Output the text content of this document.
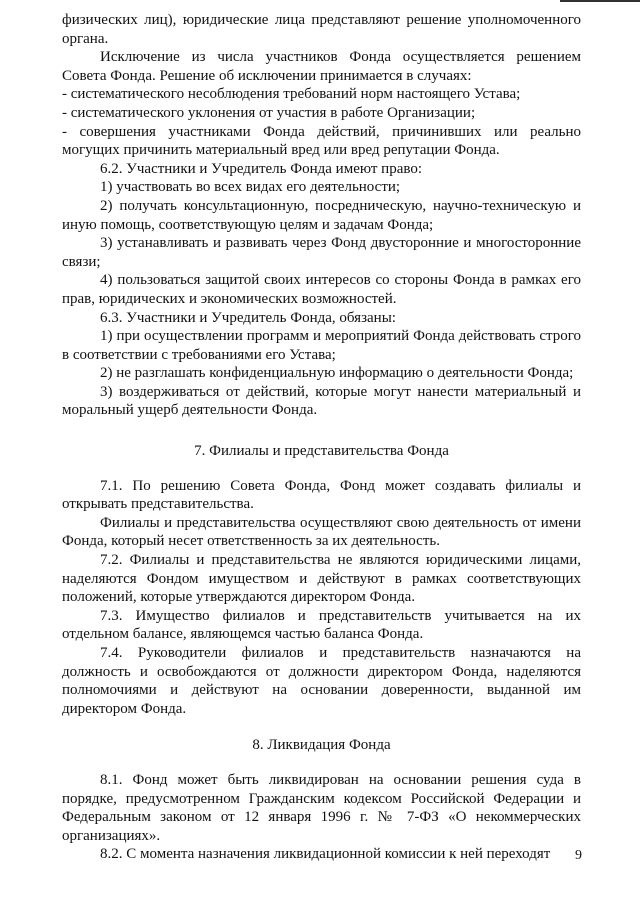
физических лиц), юридические лица представляют решение уполномоченного органа.

Исключение из числа участников Фонда осуществляется решением Совета Фонда. Решение об исключении принимается в случаях:

- систематического несоблюдения требований норм настоящего Устава;

- систематического уклонения от участия в работе Организации;

- совершения участниками Фонда действий, причинивших или реально могущих причинить материальный вред или вред репутации Фонда.

6.2. Участники и Учредитель Фонда имеют право:

1) участвовать во всех видах его деятельности;

2) получать консультационную, посредническую, научно-техническую и иную помощь, соответствующую целям и задачам Фонда;

3) устанавливать и развивать через Фонд двусторонние и многосторонние связи;

4) пользоваться защитой своих интересов со стороны Фонда в рамках его прав, юридических и экономических возможностей.

6.3. Участники и Учредитель Фонда, обязаны:

1) при осуществлении программ и мероприятий Фонда действовать строго в соответствии с требованиями его Устава;

2) не разглашать конфиденциальную информацию о деятельности Фонда;

3) воздерживаться от действий, которые могут нанести материальный и моральный ущерб деятельности Фонда.

7. Филиалы и представительства Фонда

7.1. По решению Совета Фонда, Фонд может создавать филиалы и открывать представительства.

Филиалы и представительства осуществляют свою деятельность от имени Фонда, который несет ответственность за их деятельность.

7.2. Филиалы и представительства не являются юридическими лицами, наделяются Фондом имуществом и действуют в рамках соответствующих положений, которые утверждаются директором Фонда.

7.3. Имущество филиалов и представительств учитывается на их отдельном балансе, являющемся частью баланса Фонда.

7.4. Руководители филиалов и представительств назначаются на должность и освобождаются от должности директором Фонда, наделяются полномочиями и действуют на основании доверенности, выданной им директором Фонда.

8. Ликвидация Фонда

8.1. Фонд может быть ликвидирован на основании решения суда в порядке, предусмотренном Гражданским кодексом Российской Федерации и Федеральным законом от 12 января 1996 г. № 7-ФЗ «О некоммерческих организациях».

8.2. С момента назначения ликвидационной комиссии к ней переходят	9
